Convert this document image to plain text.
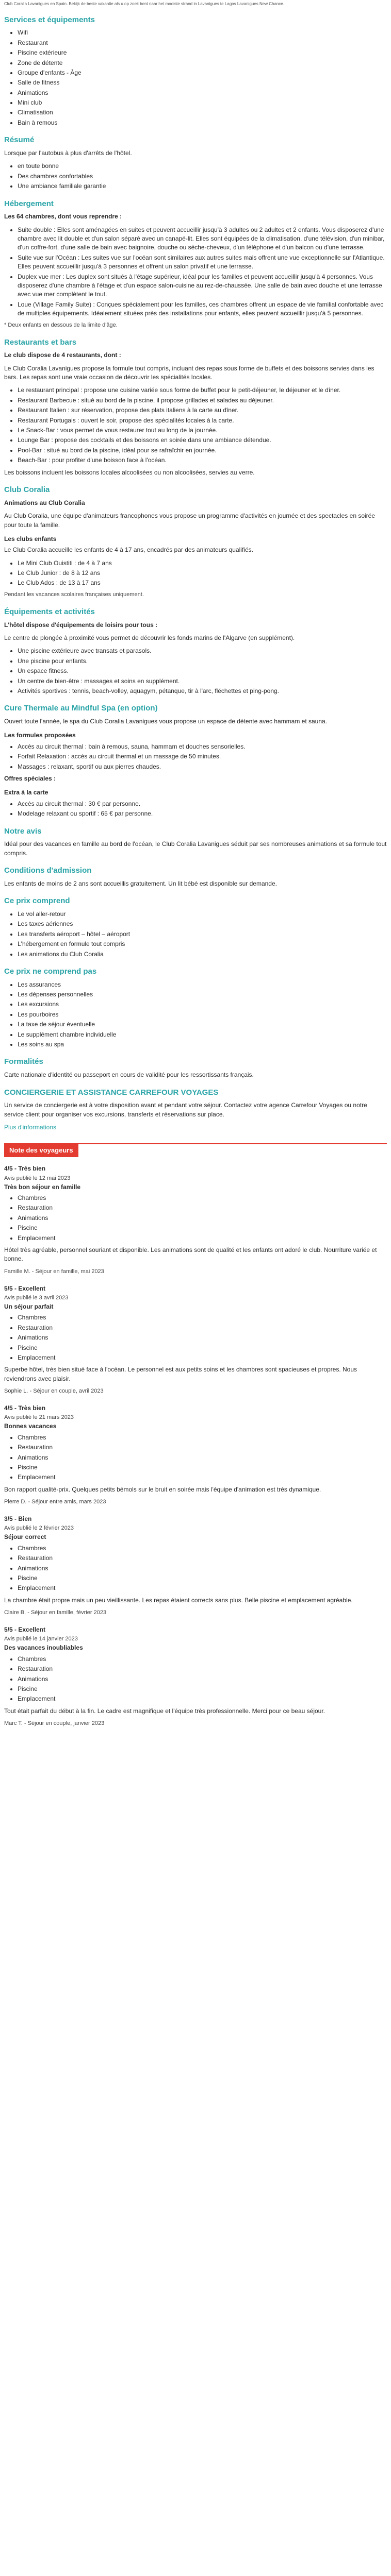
Club Coralia Lavanigues en Spain. Bekijk de beste vakantie als u op zoek bent naar het mooiste strand in Lavanigues te Lagos Lavanigues New Chance.

Services et équipements
• Wifi
• Restaurant
• Piscine extérieure
• Zone de détente
• Groupe d'enfants - Âge
• Salle de fitness
• Animations
• Mini club
• Climatisation
• Bain à remous
Résumé

Lorsque par l'autobus à plus d'arrêts de l'hôtel.

• en toute bonne
• Des chambres confortables
• Une ambiance familiale garantie
Hébergement

Les 64 chambres, dont vous reprendre :

• Suite double : Elles sont aménagées en suites et peuvent accueillir jusqu'à 3 adultes ou 2 adultes et 2 enfants. Vous disposerez d'une chambre avec lit double et d'un salon séparé avec un canapé-lit. Elles sont équipées de la climatisation, d'une télévision, d'un minibar, d'un coffre-fort, d'une salle de bain avec baignoire, douche ou sèche-cheveux, d'un téléphone et d'un balcon ou d'une terrasse.
• Suite vue sur l'Océan : Les suites vue sur l'océan sont similaires aux autres suites mais offrent une vue exceptionnelle sur l'Atlantique. Elles peuvent accueillir jusqu'à 3 personnes et offrent un salon privatif et une terrasse.
• Duplex vue mer : Les duplex sont situés à l'étage supérieur, idéal pour les familles et peuvent accueillir jusqu'à 4 personnes. Vous disposerez d'une chambre à l'étage et d'un espace salon-cuisine au rez-de-chaussée. Une salle de bain avec douche et une terrasse avec vue mer complètent le tout.
• Loue (Village Family Suite) : Conçues spécialement pour les familles, ces chambres offrent un espace de vie familial confortable avec de multiples équipements. Idéalement situées près des installations pour enfants, elles peuvent accueillir jusqu'à 5 personnes.

* Deux enfants en dessous de la limite d'âge.

Restaurants et bars

Le club dispose de 4 restaurants, dont :

Le Club Coralia Lavanigues propose la formule tout compris, incluant des repas sous forme de buffets et des boissons servies dans les bars. Les repas sont une vraie occasion de découvrir les spécialités locales.

• Le restaurant principal : propose une cuisine variée sous forme de buffet pour le petit-déjeuner, le déjeuner et le dîner.
• Restaurant Barbecue : situé au bord de la piscine, il propose grillades et salades au déjeuner.
• Restaurant Italien : sur réservation, propose des plats italiens à la carte au dîner.
• Restaurant Portugais : ouvert le soir, propose des spécialités locales à la carte.
• Le Snack-Bar : vous permet de vous restaurer tout au long de la journée.
• Lounge Bar : propose des cocktails et des boissons en soirée dans une ambiance détendue.
• Pool-Bar : situé au bord de la piscine, idéal pour se rafraîchir en journée.
• Beach-Bar : pour profiter d'une boisson face à l'océan.

Les boissons incluent les boissons locales alcoolisées ou non alcoolisées, servies au verre.

Club Coralia

Animations au Club Coralia

Au Club Coralia, une équipe d'animateurs francophones vous propose un programme d'activités en journée et des spectacles en soirée pour toute la famille.

Les clubs enfants

Le Club Coralia accueille les enfants de 4 à 17 ans, encadrés par des animateurs qualifiés.

• Le Mini Club Ouistiti : de 4 à 7 ans
• Le Club Junior : de 8 à 12 ans
• Le Club Ados : de 13 à 17 ans

Pendant les vacances scolaires françaises uniquement.

Équipements et activités

L'hôtel dispose d'équipements de loisirs pour tous :

Le centre de plongée à proximité vous permet de découvrir les fonds marins de l'Algarve (en supplément).

• Une piscine extérieure avec transats et parasols.
• Une piscine pour enfants.
• Un espace fitness.
• Un centre de bien-être : massages et soins en supplément.
• Activités sportives : tennis, beach-volley, aquagym, pétanque, tir à l'arc, fléchettes et ping-pong.
Cure Thermale au Mindful Spa (en option)

Ouvert toute l'année, le spa du Club Coralia Lavanigues vous propose un espace de détente avec hammam et sauna.

Les formules proposées
• Accès au circuit thermal : bain à remous, sauna, hammam et douches sensorielles.
• Forfait Relaxation : accès au circuit thermal et un massage de 50 minutes.
• Massages : relaxant, sportif ou aux pierres chaudes.

Offres spéciales :

Extra à la carte
• Accès au circuit thermal : 30 € par personne.
• Modelage relaxant ou sportif : 65 € par personne.
Notre avis

Idéal pour des vacances en famille au bord de l'océan, le Club Coralia Lavanigues séduit par ses nombreuses animations et sa formule tout compris.

Conditions d'admission

Les enfants de moins de 2 ans sont accueillis gratuitement. Un lit bébé est disponible sur demande.

Ce prix comprend
• Le vol aller-retour
• Les taxes aériennes
• Les transferts aéroport – hôtel – aéroport
• L'hébergement en formule tout compris
• Les animations du Club Coralia
Ce prix ne comprend pas
• Les assurances
• Les dépenses personnelles
• Les excursions
• Les pourboires
• La taxe de séjour éventuelle
• Le supplément chambre individuelle
• Les soins au spa
Formalités

Carte nationale d'identité ou passeport en cours de validité pour les ressortissants français.

CONCIERGERIE ET ASSISTANCE CARREFOUR VOYAGES

Un service de conciergerie est à votre disposition avant et pendant votre séjour. Contactez votre agence Carrefour Voyages ou notre service client pour organiser vos excursions, transferts et réservations sur place.

Plus d'informations
Note des voyageurs
4/5 - Très bien
Avis publié le 12 mai 2023
Très bon séjour en famille
• Chambres
• Restauration
• Animations
• Piscine
• Emplacement

Hôtel très agréable, personnel souriant et disponible. Les animations sont de qualité et les enfants ont adoré le club. Nourriture variée et bonne.

Famille M. - Séjour en famille, mai 2023
5/5 - Excellent
Avis publié le 3 avril 2023
Un séjour parfait
• Chambres
• Restauration
• Animations
• Piscine
• Emplacement

Superbe hôtel, très bien situé face à l'océan. Le personnel est aux petits soins et les chambres sont spacieuses et propres. Nous reviendrons avec plaisir.

Sophie L. - Séjour en couple, avril 2023
4/5 - Très bien
Avis publié le 21 mars 2023
Bonnes vacances
• Chambres
• Restauration
• Animations
• Piscine
• Emplacement

Bon rapport qualité-prix. Quelques petits bémols sur le bruit en soirée mais l'équipe d'animation est très dynamique.

Pierre D. - Séjour entre amis, mars 2023
3/5 - Bien
Avis publié le 2 février 2023
Séjour correct
• Chambres
• Restauration
• Animations
• Piscine
• Emplacement

La chambre était propre mais un peu vieillissante. Les repas étaient corrects sans plus. Belle piscine et emplacement agréable.

Claire B. - Séjour en famille, février 2023
5/5 - Excellent
Avis publié le 14 janvier 2023
Des vacances inoubliables
• Chambres
• Restauration
• Animations
• Piscine
• Emplacement

Tout était parfait du début à la fin. Le cadre est magnifique et l'équipe très professionnelle. Merci pour ce beau séjour.

Marc T. - Séjour en couple, janvier 2023
